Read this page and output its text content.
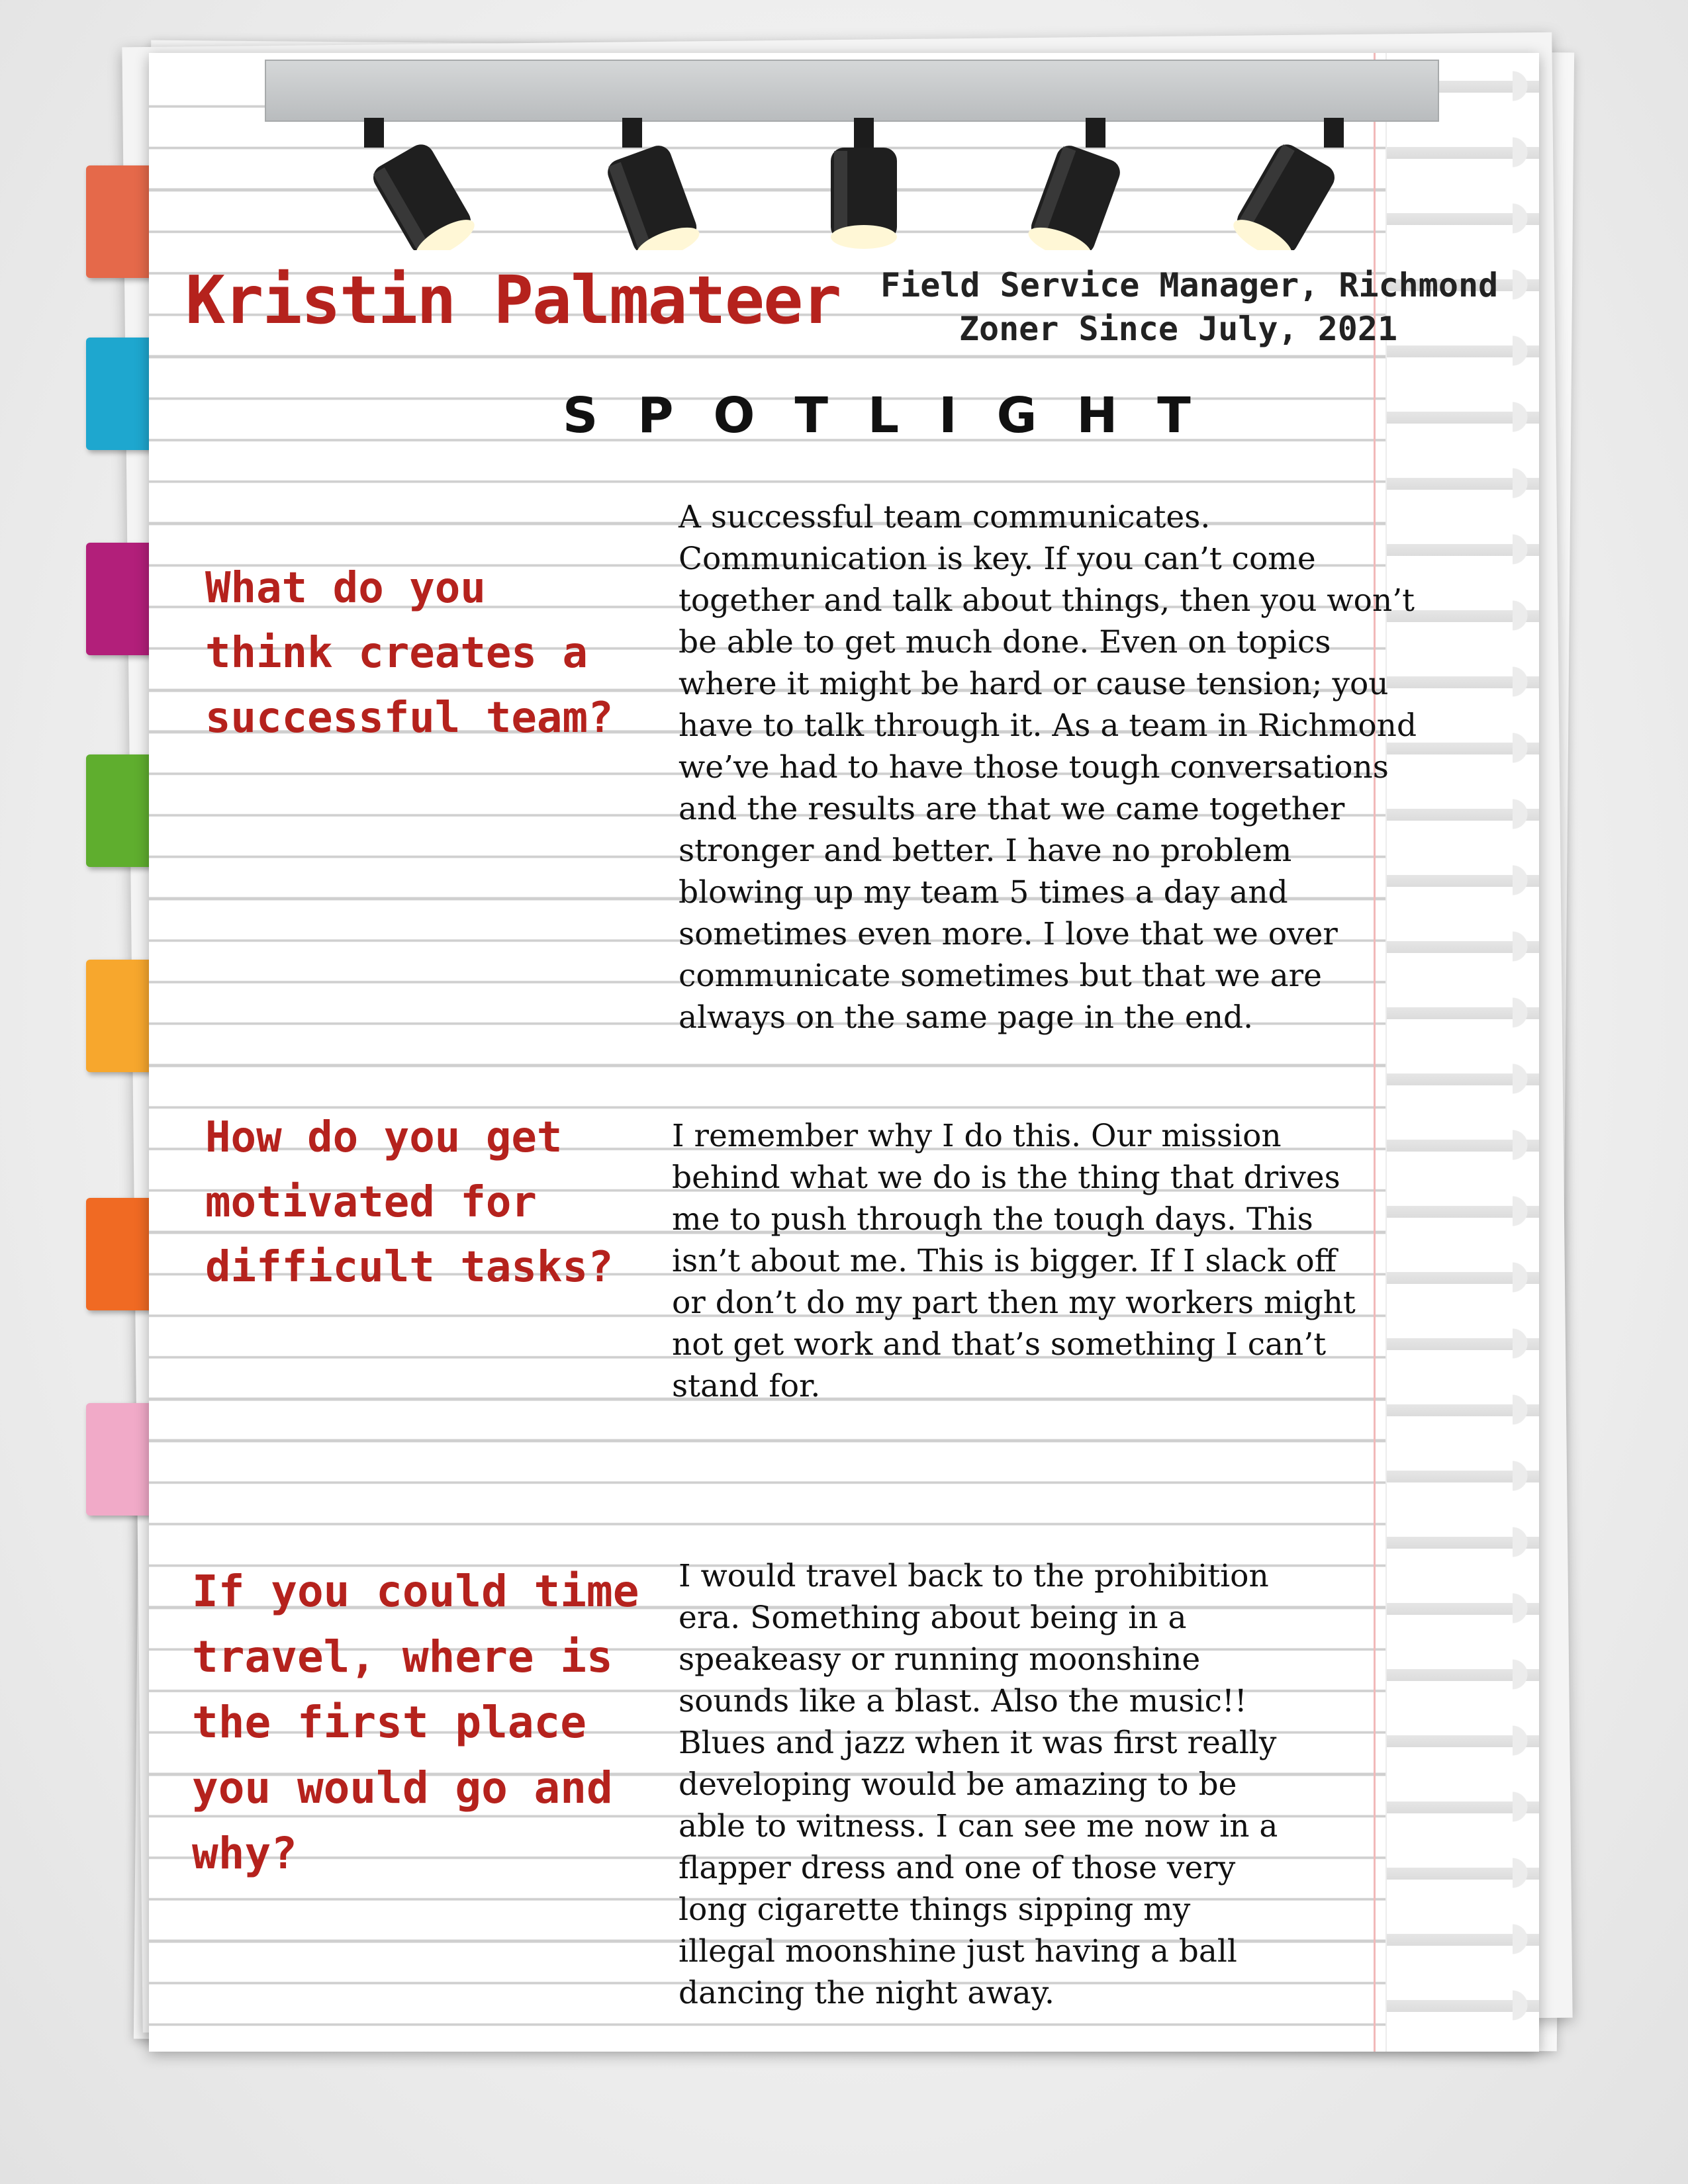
Kristin Palmateer Field Service Manager, Richmond
Zoner Since July, 2021
SPOTLIGHT
What do you
think creates a
successful team?
A successful team communicates.
Communication is key. If you can’t come
together and talk about things, then you won’t
be able to get much done. Even on topics
where it might be hard or cause tension; you
have to talk through it. As a team in Richmond
we’ve had to have those tough conversations
and the results are that we came together
stronger and better. I have no problem
blowing up my team 5 times a day and
sometimes even more. I love that we over
communicate sometimes but that we are
always on the same page in the end.
How do you get
motivated for
difficult tasks?
I remember why I do this. Our mission
behind what we do is the thing that drives
me to push through the tough days. This
isn’t about me. This is bigger. If I slack off
or don’t do my part then my workers might
not get work and that’s something I can’t
stand for.
If you could time
travel, where is
the first place
you would go and
why?
I would travel back to the prohibition
era. Something about being in a
speakeasy or running moonshine
sounds like a blast. Also the music!!
Blues and jazz when it was first really
developing would be amazing to be
able to witness. I can see me now in a
flapper dress and one of those very
long cigarette things sipping my
illegal moonshine just having a ball
dancing the night away.
